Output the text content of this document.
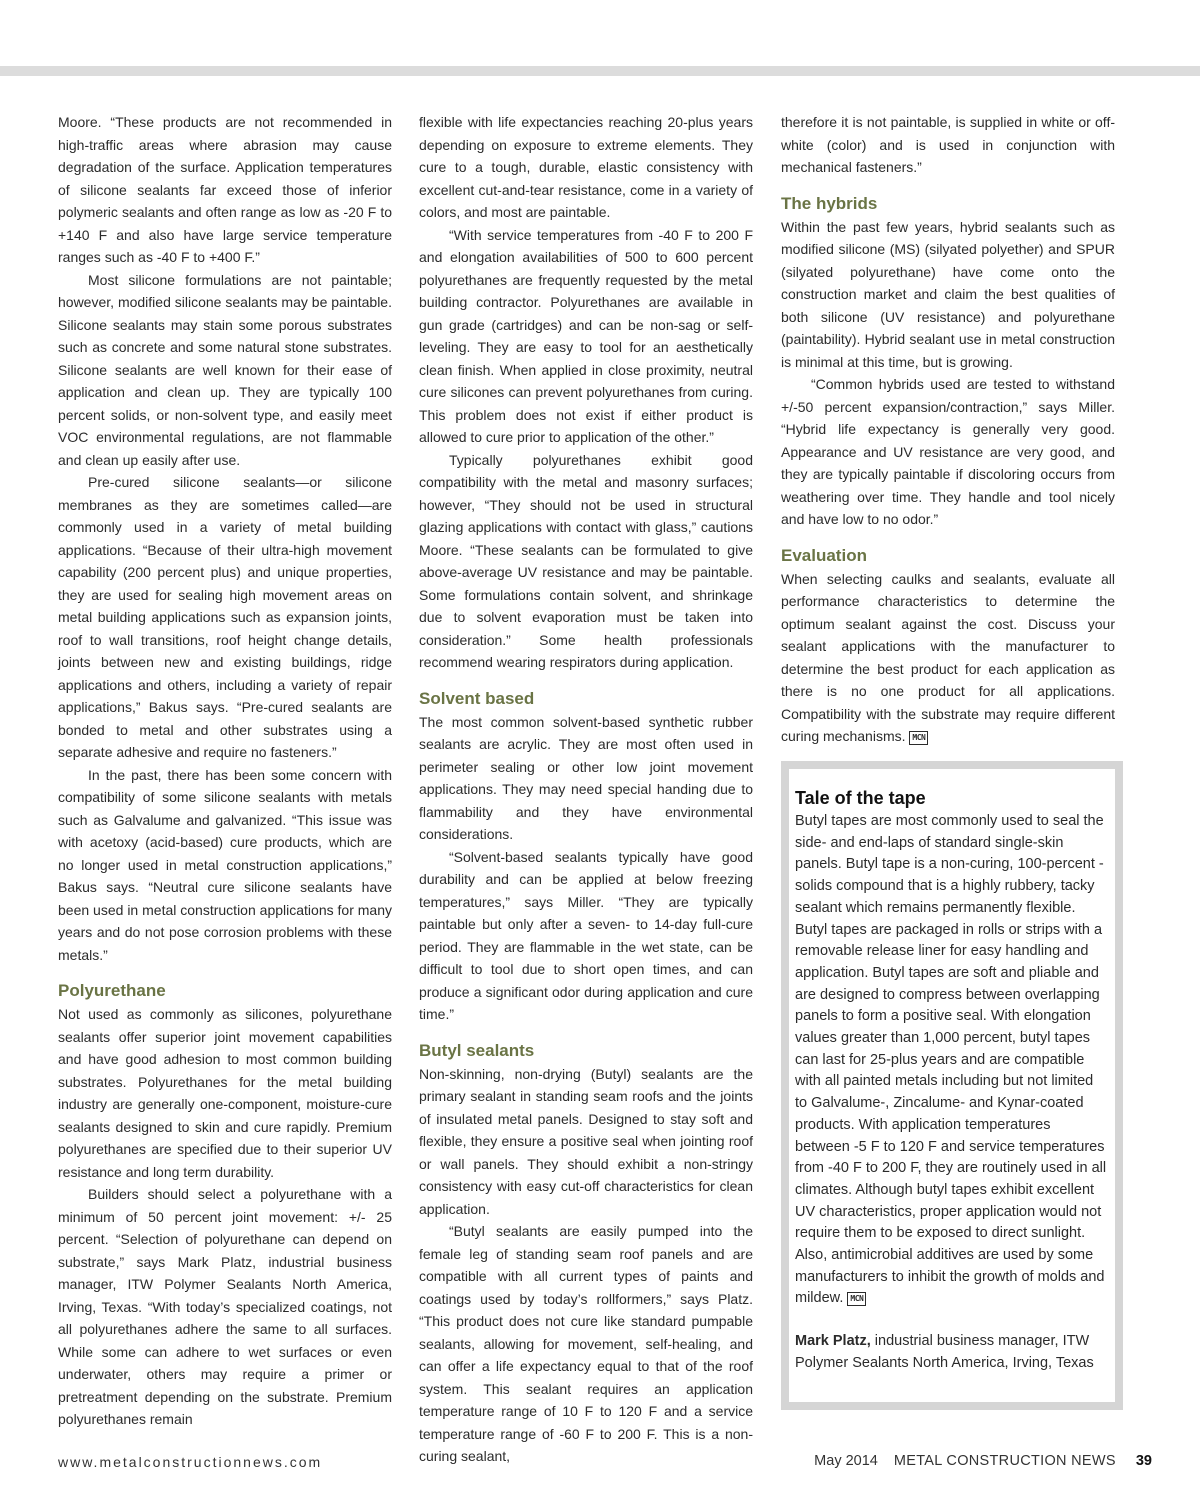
Moore. “These products are not recommended in high-traffic areas where abrasion may cause degradation of the surface. Application temperatures of silicone sealants far exceed those of inferior polymeric sealants and often range as low as -20 F to +140 F and also have large service temperature ranges such as -40 F to +400 F.”

Most silicone formulations are not paintable; however, modified silicone sealants may be paintable. Silicone sealants may stain some porous substrates such as concrete and some natural stone substrates. Silicone sealants are well known for their ease of application and clean up. They are typically 100 percent solids, or non-solvent type, and easily meet VOC environmental regulations, are not flammable and clean up easily after use.

Pre-cured silicone sealants—or silicone membranes as they are sometimes called—are commonly used in a variety of metal building applications. “Because of their ultra-high movement capability (200 percent plus) and unique properties, they are used for sealing high movement areas on metal building applications such as expansion joints, roof to wall transitions, roof height change details, joints between new and existing buildings, ridge applications and others, including a variety of repair applications,” Bakus says. “Pre-cured sealants are bonded to metal and other substrates using a separate adhesive and require no fasteners.”

In the past, there has been some concern with compatibility of some silicone sealants with metals such as Galvalume and galvanized. “This issue was with acetoxy (acid-based) cure products, which are no longer used in metal construction applications,” Bakus says. “Neutral cure silicone sealants have been used in metal construction applications for many years and do not pose corrosion problems with these metals.”

Polyurethane

Not used as commonly as silicones, polyurethane sealants offer superior joint movement capabilities and have good adhesion to most common building substrates. Polyurethanes for the metal building industry are generally one-component, moisture-cure sealants designed to skin and cure rapidly. Premium polyurethanes are specified due to their superior UV resistance and long term durability.

Builders should select a polyurethane with a minimum of 50 percent joint movement: +/- 25 percent. “Selection of polyurethane can depend on substrate,” says Mark Platz, industrial business manager, ITW Polymer Sealants North America, Irving, Texas. “With today’s specialized coatings, not all polyurethanes adhere the same to all surfaces. While some can adhere to wet surfaces or even underwater, others may require a primer or pretreatment depending on the substrate. Premium polyurethanes remain

flexible with life expectancies reaching 20-plus years depending on exposure to extreme elements. They cure to a tough, durable, elastic consistency with excellent cut-and-tear resistance, come in a variety of colors, and most are paintable.

“With service temperatures from -40 F to 200 F and elongation availabilities of 500 to 600 percent polyurethanes are frequently requested by the metal building contractor. Polyurethanes are available in gun grade (cartridges) and can be non-sag or self-leveling. They are easy to tool for an aesthetically clean finish. When applied in close proximity, neutral cure silicones can prevent polyurethanes from curing. This problem does not exist if either product is allowed to cure prior to application of the other.”

Typically polyurethanes exhibit good compatibility with the metal and masonry surfaces; however, “They should not be used in structural glazing applications with contact with glass,” cautions Moore. “These sealants can be formulated to give above-average UV resistance and may be paintable. Some formulations contain solvent, and shrinkage due to solvent evaporation must be taken into consideration.” Some health professionals recommend wearing respirators during application.

Solvent based

The most common solvent-based synthetic rubber sealants are acrylic. They are most often used in perimeter sealing or other low joint movement applications. They may need special handing due to flammability and they have environmental considerations.

“Solvent-based sealants typically have good durability and can be applied at below freezing temperatures,” says Miller. “They are typically paintable but only after a seven- to 14-day full-cure period. They are flammable in the wet state, can be difficult to tool due to short open times, and can produce a significant odor during application and cure time.”

Butyl sealants

Non-skinning, non-drying (Butyl) sealants are the primary sealant in standing seam roofs and the joints of insulated metal panels. Designed to stay soft and flexible, they ensure a positive seal when jointing roof or wall panels. They should exhibit a non-stringy consistency with easy cut-off characteristics for clean application.

“Butyl sealants are easily pumped into the female leg of standing seam roof panels and are compatible with all current types of paints and coatings used by today’s rollformers,” says Platz. “This product does not cure like standard pumpable sealants, allowing for movement, self-healing, and can offer a life expectancy equal to that of the roof system. This sealant requires an application temperature range of 10 F to 120 F and a service temperature range of -60 F to 200 F. This is a non-curing sealant,

therefore it is not paintable, is supplied in white or off-white (color) and is used in conjunction with mechanical fasteners.”

The hybrids

Within the past few years, hybrid sealants such as modified silicone (MS) (silyated polyether) and SPUR (silyated polyurethane) have come onto the construction market and claim the best qualities of both silicone (UV resistance) and polyurethane (paintability). Hybrid sealant use in metal construction is minimal at this time, but is growing.

“Common hybrids used are tested to withstand +/-50 percent expansion/contraction,” says Miller. “Hybrid life expectancy is generally very good. Appearance and UV resistance are very good, and they are typically paintable if discoloring occurs from weathering over time. They handle and tool nicely and have low to no odor.”

Evaluation

When selecting caulks and sealants, evaluate all performance characteristics to determine the optimum sealant against the cost. Discuss your sealant applications with the manufacturer to determine the best product for each application as there is no one product for all applications. Compatibility with the substrate may require different curing mechanisms. MCN

Tale of the tape

Butyl tapes are most commonly used to seal the side- and end-laps of standard single-skin panels. Butyl tape is a non-curing, 100-percent -solids compound that is a highly rubbery, tacky sealant which remains permanently flexible. Butyl tapes are packaged in rolls or strips with a removable release liner for easy handling and application. Butyl tapes are soft and pliable and are designed to compress between overlapping panels to form a positive seal. With elongation values greater than 1,000 percent, butyl tapes can last for 25-plus years and are compatible with all painted metals including but not limited to Galvalume-, Zincalume- and Kynar-coated products. With application temperatures between -5 F to 120 F and service temperatures from -40 F to 200 F, they are routinely used in all climates. Although butyl tapes exhibit excellent UV characteristics, proper application would not require them to be exposed to direct sunlight. Also, antimicrobial additives are used by some manufacturers to inhibit the growth of molds and mildew. MCN

Mark Platz, industrial business manager, ITW Polymer Sealants North America, Irving, Texas

www.metalconstructionnews.com	May 2014 METAL CONSTRUCTION NEWS 39
